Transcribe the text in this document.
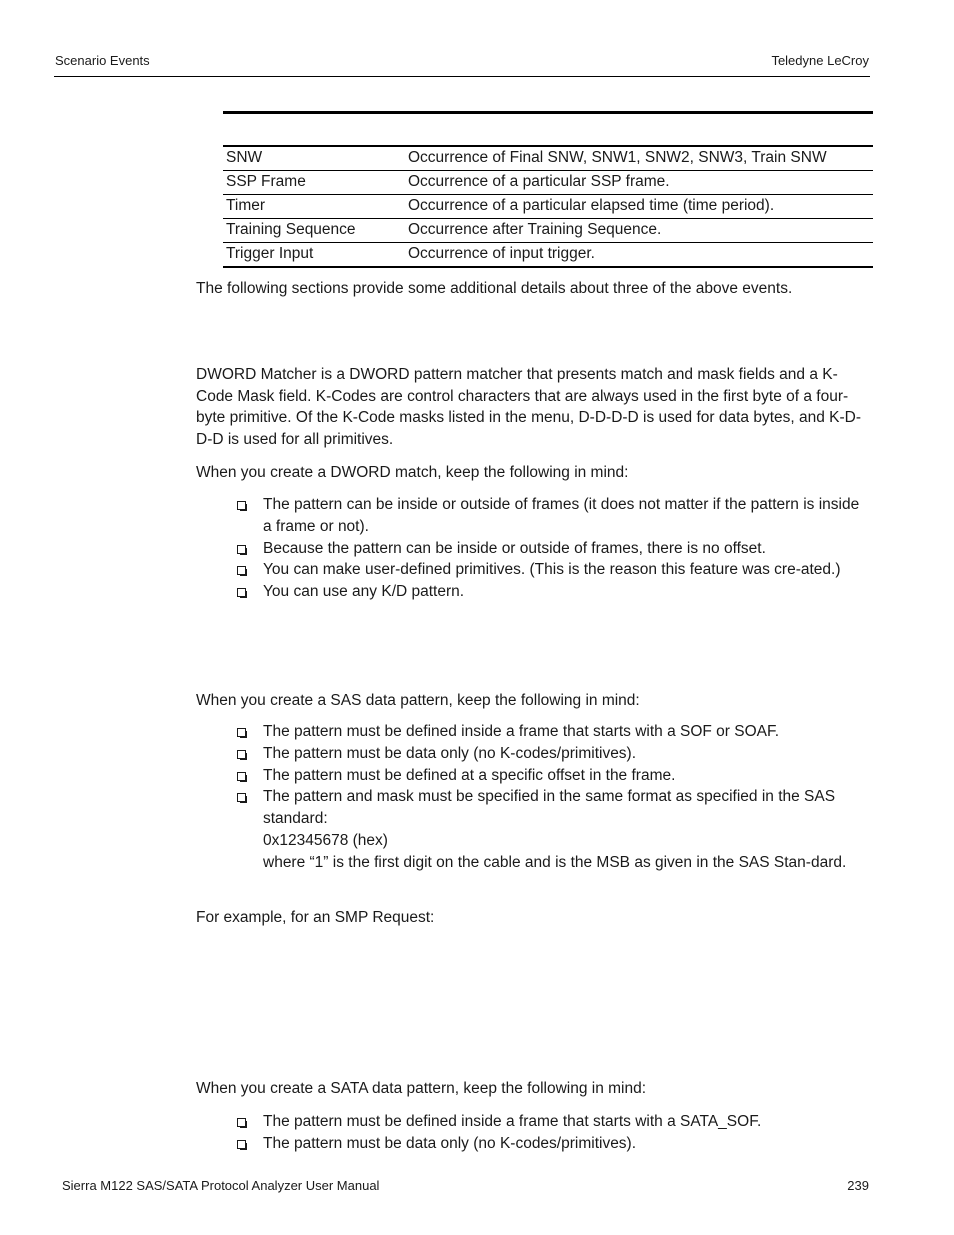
Scenario Events	Teledyne LeCroy
SNW	Occurrence of Final SNW, SNW1, SNW2, SNW3, Train SNW
SSP Frame	Occurrence of a particular SSP frame.
Timer	Occurrence of a particular elapsed time (time period).
Training Sequence	Occurrence after Training Sequence.
Trigger Input	Occurrence of input trigger.

The following sections provide some additional details about three of the above events.

DWORD Matcher is a DWORD pattern matcher that presents match and mask fields and a K-Code Mask field. K-Codes are control characters that are always used in the first byte of a four-byte primitive. Of the K-Code masks listed in the menu, D-D-D-D is used for data bytes, and K-D-D-D is used for all primitives.

When you create a DWORD match, keep the following in mind:

The pattern can be inside or outside of frames (it does not matter if the pattern is inside a frame or not).
Because the pattern can be inside or outside of frames, there is no offset.
You can make user-defined primitives. (This is the reason this feature was cre-ated.)
You can use any K/D pattern.

When you create a SAS data pattern, keep the following in mind:

The pattern must be defined inside a frame that starts with a SOF or SOAF.
The pattern must be data only (no K-codes/primitives).
The pattern must be defined at a specific offset in the frame.
The pattern and mask must be specified in the same format as specified in the SAS standard:
0x12345678 (hex)
where “1” is the first digit on the cable and is the MSB as given in the SAS Stan-dard.

For example, for an SMP Request:

When you create a SATA data pattern, keep the following in mind:

The pattern must be defined inside a frame that starts with a SATA_SOF.
The pattern must be data only (no K-codes/primitives).
Sierra M122 SAS/SATA Protocol Analyzer User Manual	239
